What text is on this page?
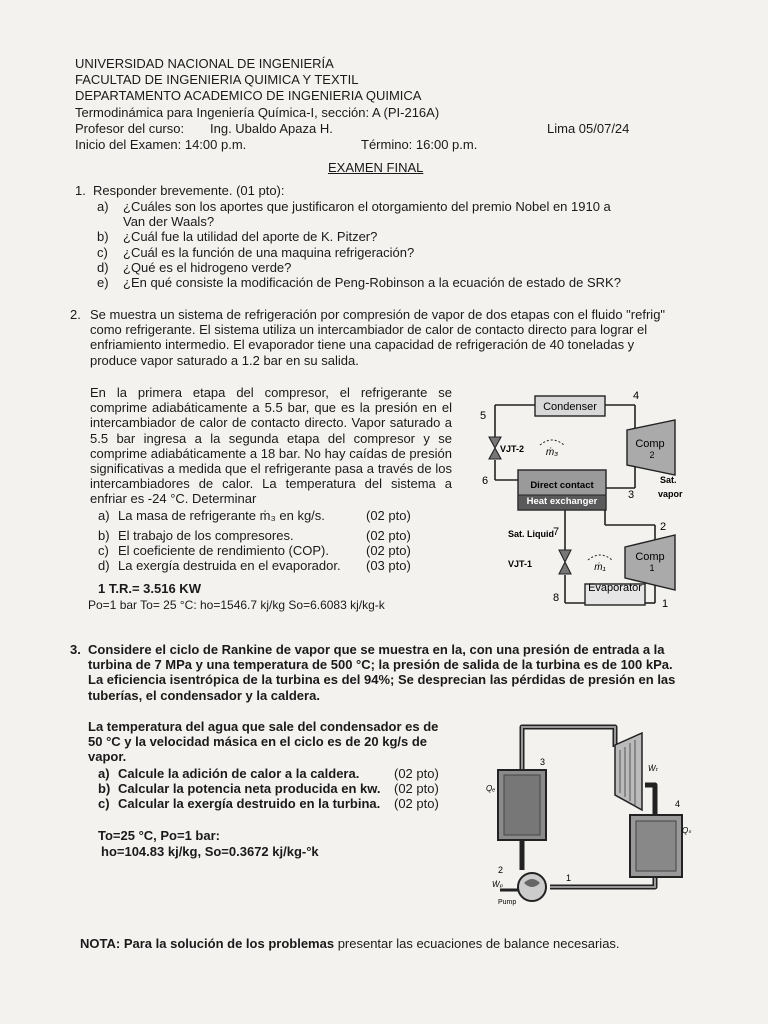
UNIVERSIDAD NACIONAL DE INGENIERÍA
FACULTAD DE INGENIERIA QUIMICA Y TEXTIL
DEPARTAMENTO ACADEMICO DE INGENIERIA QUIMICA
Termodinámica para Ingeniería Química-I, sección: A (PI-216A)
Profesor del curso: Ing. Ubaldo Apaza H.	Lima 05/07/24
Inicio del Examen: 14:00 p.m.	Término: 16:00 p.m.
EXAMEN FINAL
1. Responder brevemente. (01 pto):
a) ¿Cuáles son los aportes que justificaron el otorgamiento del premio Nobel en 1910 a
Van der Waals?
b) ¿Cuál fue la utilidad del aporte de K. Pitzer?
c) ¿Cuál es la función de una maquina refrigeración?
d) ¿Qué es el hidrogeno verde?
e) ¿En qué consiste la modificación de Peng-Robinson a la ecuación de estado de SRK?
2. Se muestra un sistema de refrigeración por compresión de vapor de dos etapas con el fluido "refrig" como refrigerante. El sistema utiliza un intercambiador de calor de contacto directo para lograr el enfriamiento intermedio. El evaporador tiene una capacidad de refrigeración de 40 toneladas y produce vapor saturado a 1.2 bar en su salida.
En la primera etapa del compresor, el refrigerante se comprime adiabáticamente a 5.5 bar, que es la presión en el intercambiador de calor de contacto directo. Vapor saturado a 5.5 bar ingresa a la segunda etapa del compresor y se comprime adiabáticamente a 18 bar. No hay caídas de presión significativas a medida que el refrigerante pasa a través de los intercambiadores de calor. La temperatura del sistema a enfriar es -24 °C. Determinar
a) La masa de refrigerante ṁ₃ en kg/s.	(02 pto)
b) El trabajo de los compresores.	(02 pto)
c) El coeficiente de rendimiento (COP).	(02 pto)
d) La exergía destruida en el evaporador. (03 pto)
1 T.R.= 3.516 KW
Po=1 bar To= 25 °C: ho=1546.7 kj/kg So=6.6083 kj/kg-k
Condenser
Comp
2
Comp
1
Direct contact
Heat exchanger
Evaporator
VJT-2
VJT-1
ṁ₃
ṁ₁
Sat. Liquid
Sat.
vapor
5
6
7
8
4
3
2
1
3. Considere el ciclo de Rankine de vapor que se muestra en la, con una presión de entrada a la turbina de 7 MPa y una temperatura de 500 °C; la presión de salida de la turbina es de 100 kPa. La eficiencia isentrópica de la turbina es del 94%; Se desprecian las pérdidas de presión en las tuberías, el condensador y la caldera.
La temperatura del agua que sale del condensador es de 50 °C y la velocidad másica en el ciclo es de 20 kg/s de vapor.
a) Calcule la adición de calor a la caldera.	(02 pto)
b) Calcular la potencia neta producida en kw. (02 pto)
c) Calcular la exergía destruido en la turbina. (02 pto)
To=25 °C, Po=1 bar:
ho=104.83 kj/kg, So=0.3672 kj/kg-°k
3
4
1
2
Qₑ
Qₛ
Ẇₜ
Ẇₚ
Pump
NOTA: Para la solución de los problemas presentar las ecuaciones de balance necesarias.
